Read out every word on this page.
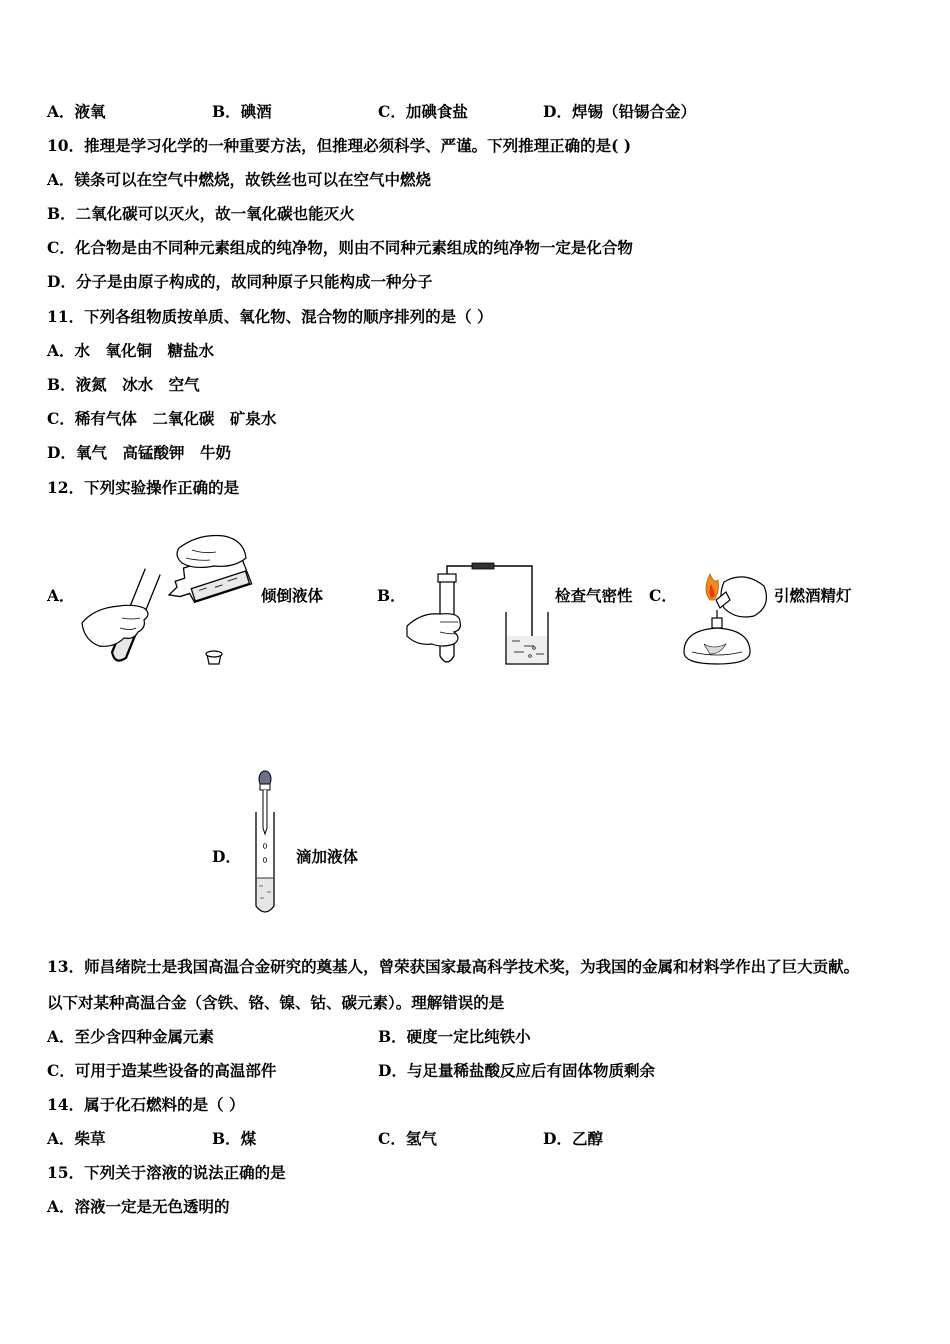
A．液氧	B．碘酒	C．加碘食盐	D．焊锡（铅锡合金）
10．推理是学习化学的一种重要方法，但推理必须科学、严谨。下列推理正确的是( )
A．镁条可以在空气中燃烧，故铁丝也可以在空气中燃烧
B．二氧化碳可以灭火，故一氧化碳也能灭火
C．化合物是由不同种元素组成的纯净物，则由不同种元素组成的纯净物一定是化合物
D．分子是由原子构成的，故同种原子只能构成一种分子
11．下列各组物质按单质、氧化物、混合物的顺序排列的是（ ）
A．水　氧化铜　糖盐水
B．液氮　冰水　空气
C．稀有气体　二氧化碳　矿泉水
D．氧气　高锰酸钾　牛奶
12．下列实验操作正确的是
A．	倾倒液体	B．	检查气密性 C．	引燃酒精灯
D．	滴加液体
13．师昌绪院士是我国高温合金研究的奠基人，曾荣获国家最高科学技术奖，为我国的金属和材料学作出了巨大贡献。
以下对某种高温合金（含铁、铬、镍、钴、碳元素）。理解错误的是
A．至少含四种金属元素	B．硬度一定比纯铁小
C．可用于造某些设备的高温部件	D．与足量稀盐酸反应后有固体物质剩余
14．属于化石燃料的是（ ）
A．柴草	B．煤	C．氢气	D．乙醇
15．下列关于溶液的说法正确的是
A．溶液一定是无色透明的
